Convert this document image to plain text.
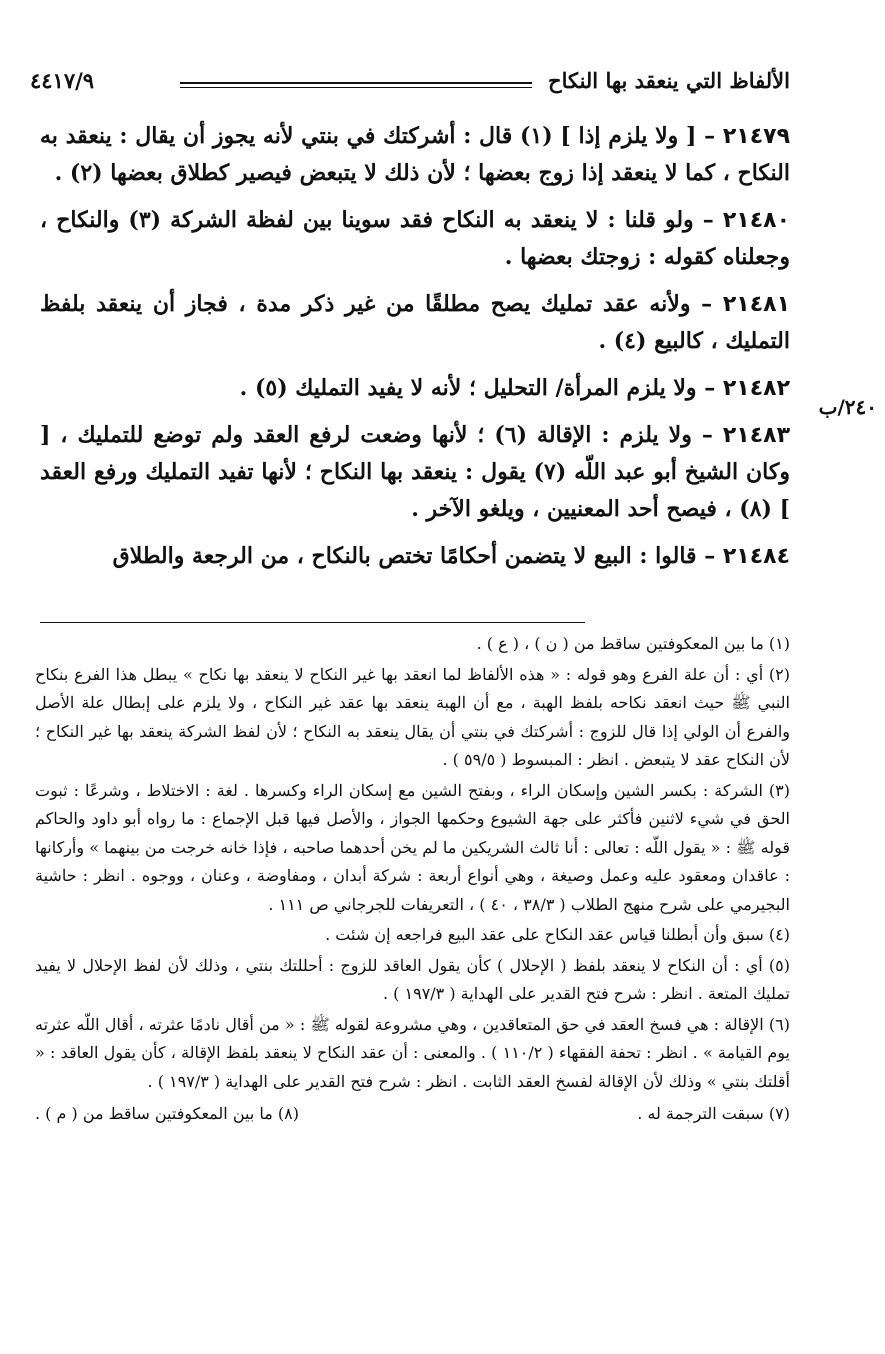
الألفاظ التي ينعقد بها النكاح
٤٤١٧/٩
٢٤٠/ب

٢١٤٧٩ – [ ولا يلزم إذا ] (١) قال : أشركتك في بنتي لأنه يجوز أن يقال : ينعقد به النكاح ، كما لا ينعقد إذا زوج بعضها ؛ لأن ذلك لا يتبعض فيصير كطلاق بعضها (٢) .

٢١٤٨٠ – ولو قلنا : لا ينعقد به النكاح فقد سوينا بين لفظة الشركة (٣) والنكاح ، وجعلناه كقوله : زوجتك بعضها .

٢١٤٨١ – ولأنه عقد تمليك يصح مطلقًا من غير ذكر مدة ، فجاز أن ينعقد بلفظ التمليك ، كالبيع (٤) .

٢١٤٨٢ – ولا يلزم المرأة/ التحليل ؛ لأنه لا يفيد التمليك (٥) .

٢١٤٨٣ – ولا يلزم : الإقالة (٦) ؛ لأنها وضعت لرفع العقد ولم توضع للتمليك ، [ وكان الشيخ أبو عبد اللّه (٧) يقول : ينعقد بها النكاح ؛ لأنها تفيد التمليك ورفع العقد ] (٨) ، فيصح أحد المعنيين ، ويلغو الآخر .

٢١٤٨٤ – قالوا : البيع لا يتضمن أحكامًا تختص بالنكاح ، من الرجعة والطلاق

(١) ما بين المعكوفتين ساقط من ( ن ) ، ( ع ) .

(٢) أي : أن علة الفرع وهو قوله : « هذه الألفاظ لما انعقد بها غير النكاح لا ينعقد بها نكاح » يبطل هذا الفرع بنكاح النبي ﷺ حيث انعقد نكاحه بلفظ الهبة ، مع أن الهبة ينعقد بها عقد غير النكاح ، ولا يلزم على إبطال علة الأصل والفرع أن الولي إذا قال للزوج : أشركتك في بنتي أن يقال ينعقد به النكاح ؛ لأن لفظ الشركة ينعقد بها غير النكاح ؛ لأن النكاح عقد لا يتبعض . انظر : المبسوط ( ٥٩/٥ ) .

(٣) الشركة : بكسر الشين وإسكان الراء ، وبفتح الشين مع إسكان الراء وكسرها . لغة : الاختلاط ، وشرعًا : ثبوت الحق في شيء لاثنين فأكثر على جهة الشيوع وحكمها الجواز ، والأصل فيها قبل الإجماع : ما رواه أبو داود والحاكم قوله ﷺ : « يقول اللّه : تعالى : أنا ثالث الشريكين ما لم يخن أحدهما صاحبه ، فإذا خانه خرجت من بينهما » وأركانها : عاقدان ومعقود عليه وعمل وصيغة ، وهي أنواع أربعة : شركة أبدان ، ومفاوضة ، وعنان ، ووجوه . انظر : حاشية البجيرمي على شرح منهج الطلاب ( ٣٨/٣ ، ٤٠ ) ، التعريفات للجرجاني ص ١١١ .

(٤) سبق وأن أبطلنا قياس عقد النكاح على عقد البيع فراجعه إن شئت .

(٥) أي : أن النكاح لا ينعقد بلفظ ( الإحلال ) كأن يقول العاقد للزوج : أحللتك بنتي ، وذلك لأن لفظ الإحلال لا يفيد تمليك المتعة . انظر : شرح فتح القدير على الهداية ( ١٩٧/٣ ) .

(٦) الإقالة : هي فسخ العقد في حق المتعاقدين ، وهي مشروعة لقوله ﷺ : « من أقال نادمًا عثرته ، أقال اللّه عثرته يوم القيامة » . انظر : تحفة الفقهاء ( ١١٠/٢ ) . والمعنى : أن عقد النكاح لا ينعقد بلفظ الإقالة ، كأن يقول العاقد : « أقلتك بنتي » وذلك لأن الإقالة لفسخ العقد الثابت . انظر : شرح فتح القدير على الهداية ( ١٩٧/٣ ) .

(٧) سبقت الترجمة له .
(٨) ما بين المعكوفتين ساقط من ( م ) .
